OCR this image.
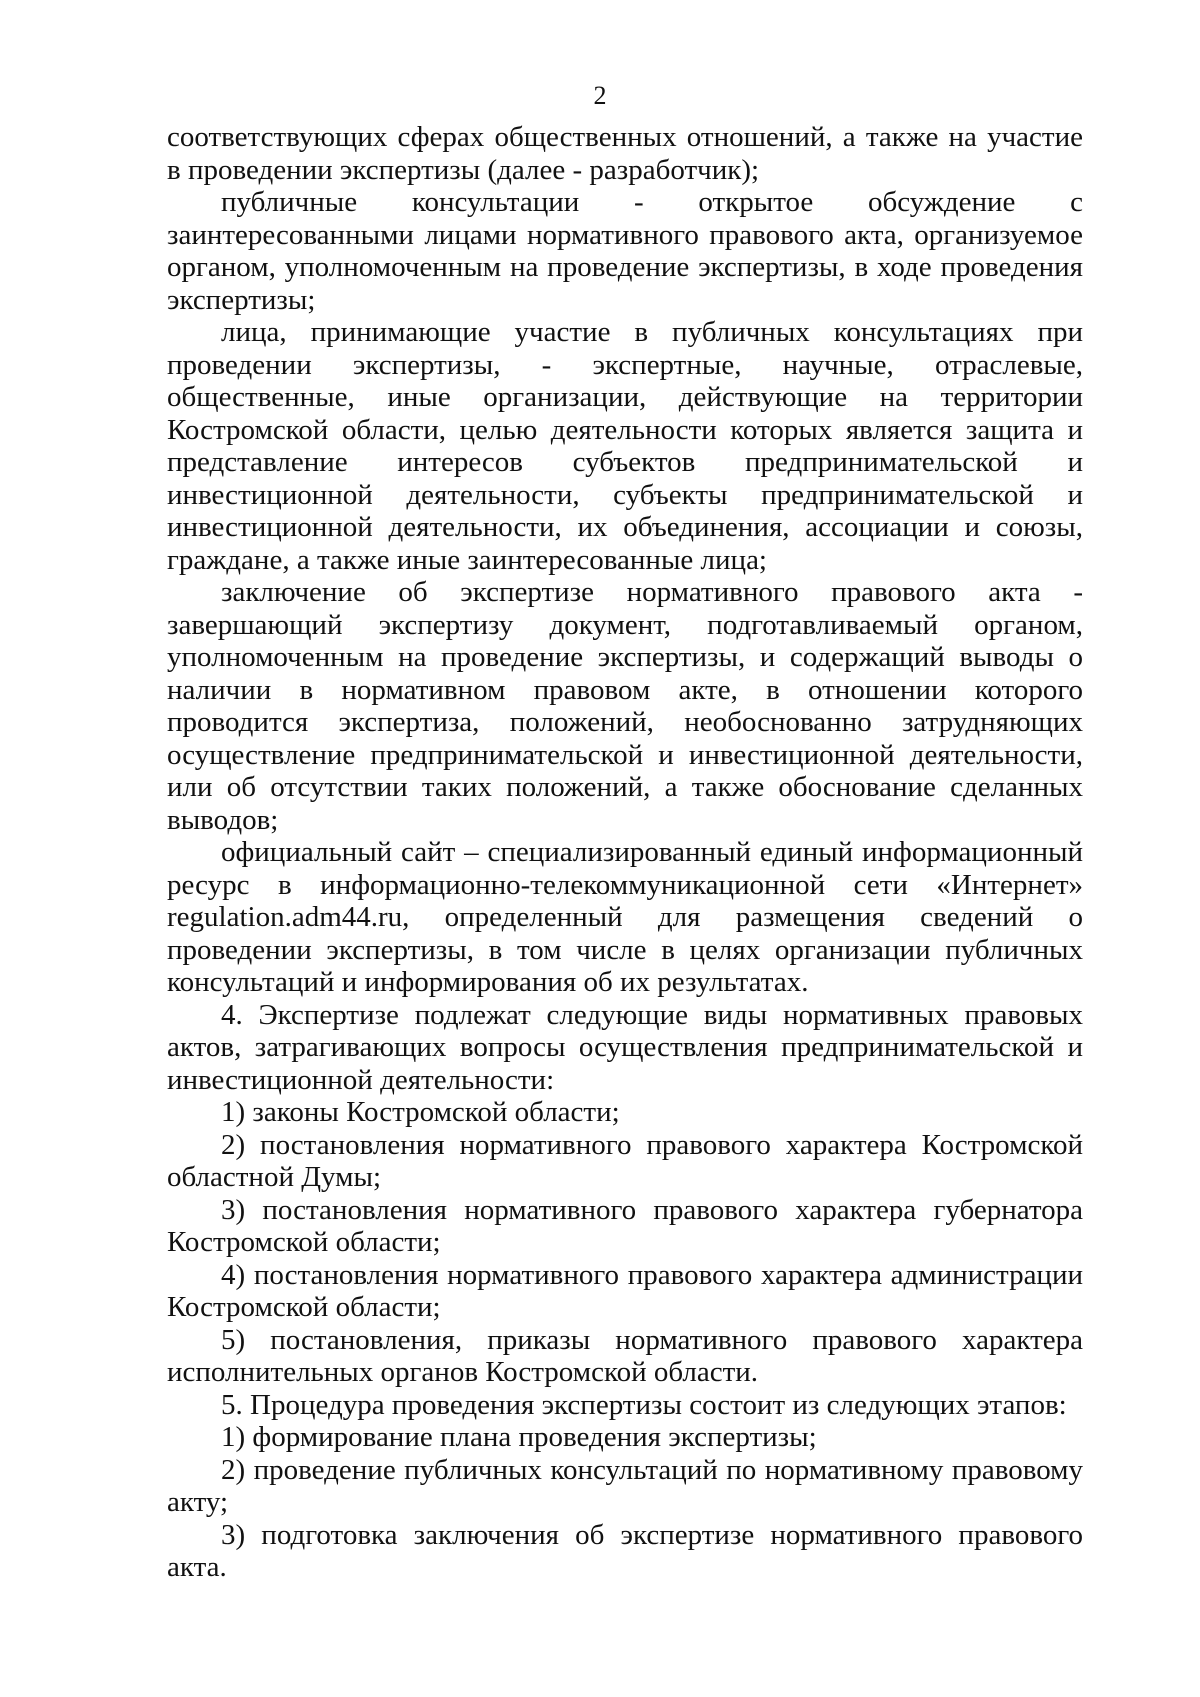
2

соответствующих сферах общественных отношений, а также на участие в проведении экспертизы (далее - разработчик);

публичные консультации - открытое обсуждение с заинтересованными лицами нормативного правового акта, организуемое органом, уполномоченным на проведение экспертизы, в ходе проведения экспертизы;

лица, принимающие участие в публичных консультациях при проведении экспертизы, - экспертные, научные, отраслевые, общественные, иные организации, действующие на территории Костромской области, целью деятельности которых является защита и представление интересов субъектов предпринимательской и инвестиционной деятельности, субъекты предпринимательской и инвестиционной деятельности, их объединения, ассоциации и союзы, граждане, а также иные заинтересованные лица;

заключение об экспертизе нормативного правового акта - завершающий экспертизу документ, подготавливаемый органом, уполномоченным на проведение экспертизы, и содержащий выводы о наличии в нормативном правовом акте, в отношении которого проводится экспертиза, положений, необоснованно затрудняющих осуществление предпринимательской и инвестиционной деятельности, или об отсутствии таких положений, а также обоснование сделанных выводов;

официальный сайт – специализированный единый информационный ресурс в информационно-телекоммуникационной сети «Интернет» regulation.adm44.ru, определенный для размещения сведений о проведении экспертизы, в том числе в целях организации публичных консультаций и информирования об их результатах.

4. Экспертизе подлежат следующие виды нормативных правовых актов, затрагивающих вопросы осуществления предпринимательской и инвестиционной деятельности:

1) законы Костромской области;

2) постановления нормативного правового характера Костромской областной Думы;

3) постановления нормативного правового характера губернатора Костромской области;

4) постановления нормативного правового характера администрации Костромской области;

5) постановления, приказы нормативного правового характера исполнительных органов Костромской области.

5. Процедура проведения экспертизы состоит из следующих этапов:

1) формирование плана проведения экспертизы;

2) проведение публичных консультаций по нормативному правовому акту;

3) подготовка заключения об экспертизе нормативного правового акта.
